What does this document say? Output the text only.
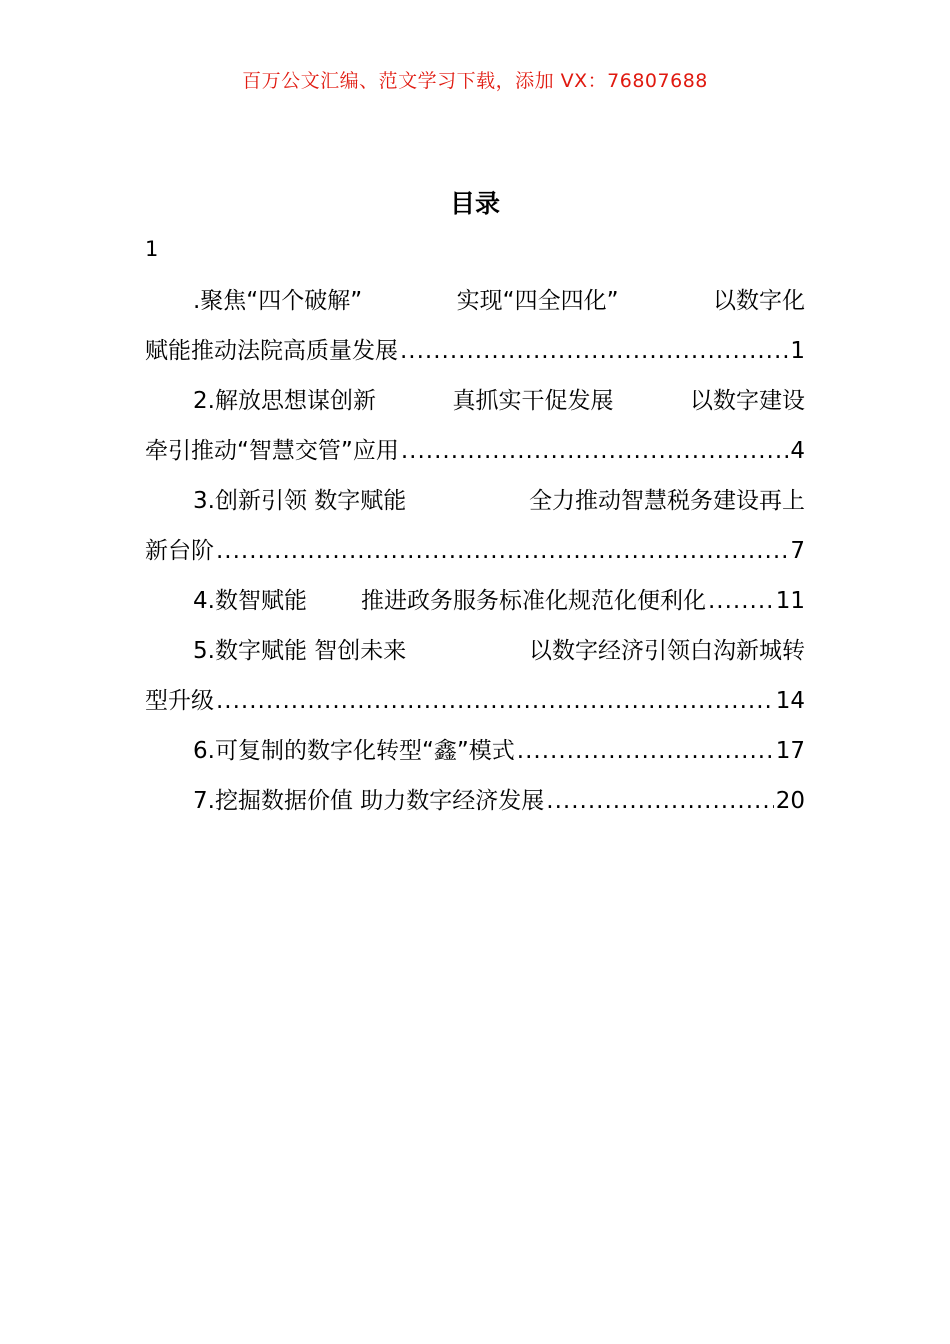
百万公文汇编、范文学习下载，添加 VX：76807688
目录
1
.聚焦“四个破解”	实现“四全四化”	以数字化
赋能推动法院高质量发展 .....	1
2.解放思想谋创新	真抓实干促发展	以数字建设
牵引推动“智慧交管”应用 .....	4
3.创新引领 数字赋能	全力推动智慧税务建设再上
新台阶 .....	7
4.数智赋能 推进政务服务标准化规范化便利化 .....	11
5.数字赋能 智创未来	以数字经济引领白沟新城转
型升级 .....	14
6.可复制的数字化转型“鑫”模式 .....	17
7.挖掘数据价值 助力数字经济发展 .....	20
